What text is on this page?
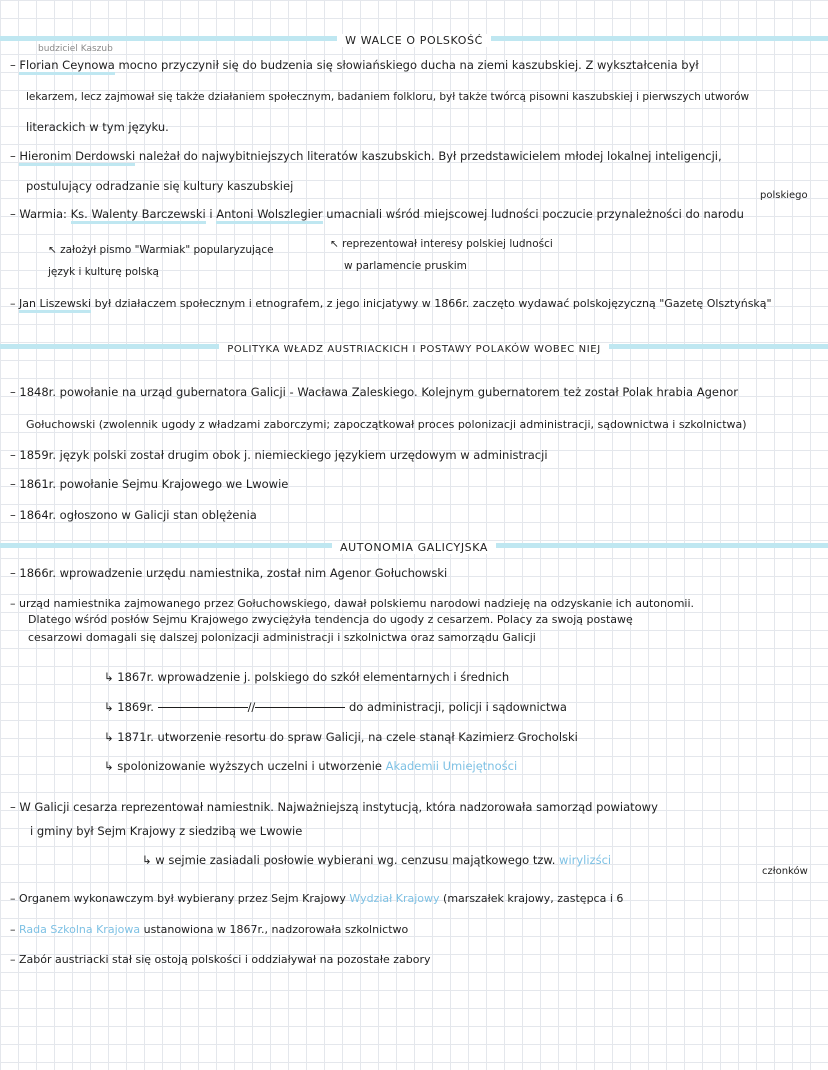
W WALCE O POLSKOŚĆ
budziciel Kaszub
– Florian Ceynowa mocno przyczynił się do budzenia się słowiańskiego ducha na ziemi kaszubskiej. Z wykształcenia był
lekarzem, lecz zajmował się także działaniem społecznym, badaniem folkloru, był także twórcą pisowni kaszubskiej i pierwszych utworów
literackich w tym języku.
– Hieronim Derdowski należał do najwybitniejszych literatów kaszubskich. Był przedstawicielem młodej lokalnej inteligencji,
postulujący odradzanie się kultury kaszubskiej
polskiego
– Warmia: Ks. Walenty Barczewski i Antoni Wolszlegier umacniali wśród miejscowej ludności poczucie przynależności do narodu
↖ założył pismo "Warmiak" popularyzujące
język i kulturę polską
↖ reprezentował interesy polskiej ludności
w parlamencie pruskim
– Jan Liszewski był działaczem społecznym i etnografem, z jego inicjatywy w 1866r. zaczęto wydawać polskojęzyczną "Gazetę Olsztyńską"
POLITYKA WŁADZ AUSTRIACKICH I POSTAWY POLAKÓW WOBEC NIEJ
– 1848r. powołanie na urząd gubernatora Galicji - Wacława Zaleskiego. Kolejnym gubernatorem też został Polak hrabia Agenor
Gołuchowski (zwolennik ugody z władzami zaborczymi; zapoczątkował proces polonizacji administracji, sądownictwa i szkolnictwa)
– 1859r. język polski został drugim obok j. niemieckiego językiem urzędowym w administracji
– 1861r. powołanie Sejmu Krajowego we Lwowie
– 1864r. ogłoszono w Galicji stan oblężenia
AUTONOMIA GALICYJSKA
– 1866r. wprowadzenie urzędu namiestnika, został nim Agenor Gołuchowski
– urząd namiestnika zajmowanego przez Gołuchowskiego, dawał polskiemu narodowi nadzieję na odzyskanie ich autonomii.
Dlatego wśród posłów Sejmu Krajowego zwyciężyła tendencja do ugody z cesarzem. Polacy za swoją postawę
cesarzowi domagali się dalszej polonizacji administracji i szkolnictwa oraz samorządu Galicji
↳ 1867r. wprowadzenie j. polskiego do szkół elementarnych i średnich
↳ 1869r.	//	do administracji, policji i sądownictwa
↳ 1871r. utworzenie resortu do spraw Galicji, na czele stanął Kazimierz Grocholski
↳ spolonizowanie wyższych uczelni i utworzenie Akademii Umiejętności
– W Galicji cesarza reprezentował namiestnik. Najważniejszą instytucją, która nadzorowała samorząd powiatowy
i gminy był Sejm Krajowy z siedzibą we Lwowie
↳ w sejmie zasiadali posłowie wybierani wg. cenzusu majątkowego tzw. wirylizści
członków
– Organem wykonawczym był wybierany przez Sejm Krajowy Wydział Krajowy (marszałek krajowy, zastępca i 6
– Rada Szkolna Krajowa ustanowiona w 1867r., nadzorowała szkolnictwo
– Zabór austriacki stał się ostoją polskości i oddziaływał na pozostałe zabory
